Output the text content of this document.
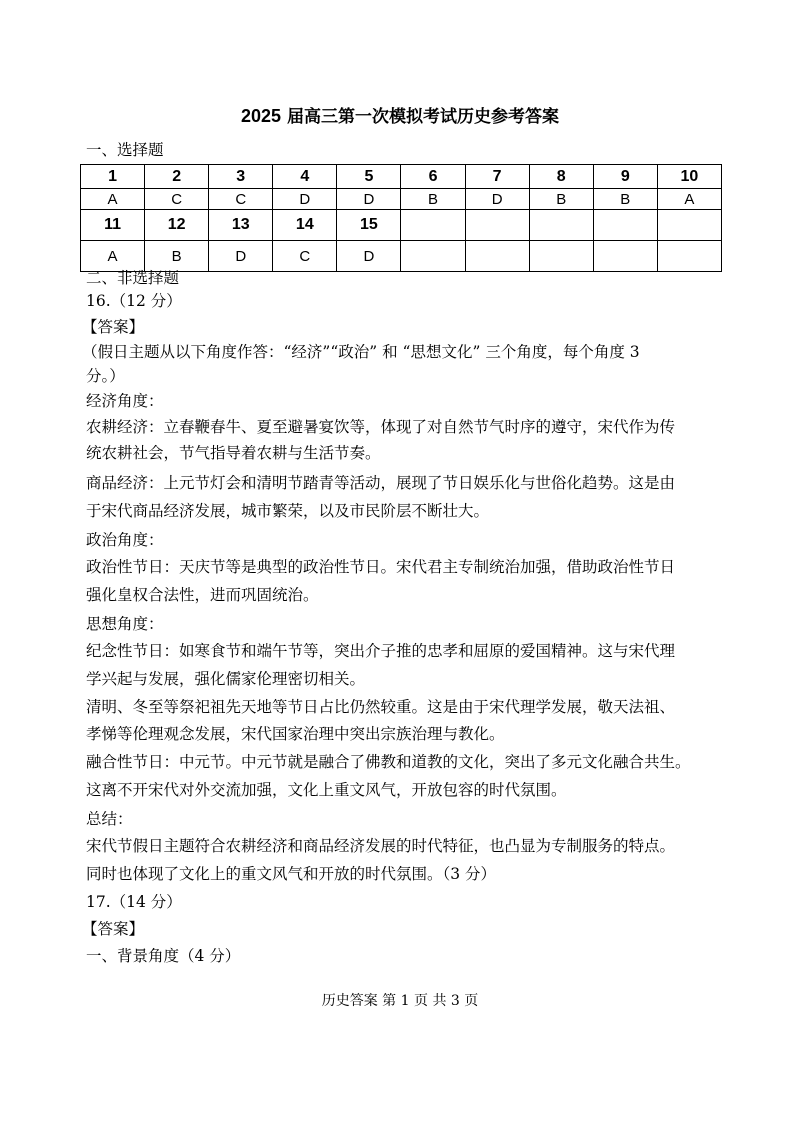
2025 届高三第一次模拟考试历史参考答案
一、选择题
1	2	3	4	5	6	7	8	9	10
A	C	C	D	D	B	D	B	B	A
11	12	13	14	15					
A	B	D	C	D					
二、非选择题
16.（12 分）
【答案】
（假日主题从以下角度作答：“经济”“政治” 和 “思想文化” 三个角度，每个角度 3
分。）
经济角度：
农耕经济：立春鞭春牛、夏至避暑宴饮等，体现了对自然节气时序的遵守，宋代作为传
统农耕社会，节气指导着农耕与生活节奏。
商品经济：上元节灯会和清明节踏青等活动，展现了节日娱乐化与世俗化趋势。这是由
于宋代商品经济发展，城市繁荣，以及市民阶层不断壮大。
政治角度：
政治性节日：天庆节等是典型的政治性节日。宋代君主专制统治加强，借助政治性节日
强化皇权合法性，进而巩固统治。
思想角度：
纪念性节日：如寒食节和端午节等，突出介子推的忠孝和屈原的爱国精神。这与宋代理
学兴起与发展，强化儒家伦理密切相关。
清明、冬至等祭祀祖先天地等节日占比仍然较重。这是由于宋代理学发展，敬天法祖、
孝悌等伦理观念发展，宋代国家治理中突出宗族治理与教化。
融合性节日：中元节。中元节就是融合了佛教和道教的文化，突出了多元文化融合共生。
这离不开宋代对外交流加强，文化上重文风气，开放包容的时代氛围。
总结：
宋代节假日主题符合农耕经济和商品经济发展的时代特征，也凸显为专制服务的特点。
同时也体现了文化上的重文风气和开放的时代氛围。（3 分）
17.（14 分）
【答案】
一、背景角度（4 分）
历史答案 第 1 页 共 3 页
